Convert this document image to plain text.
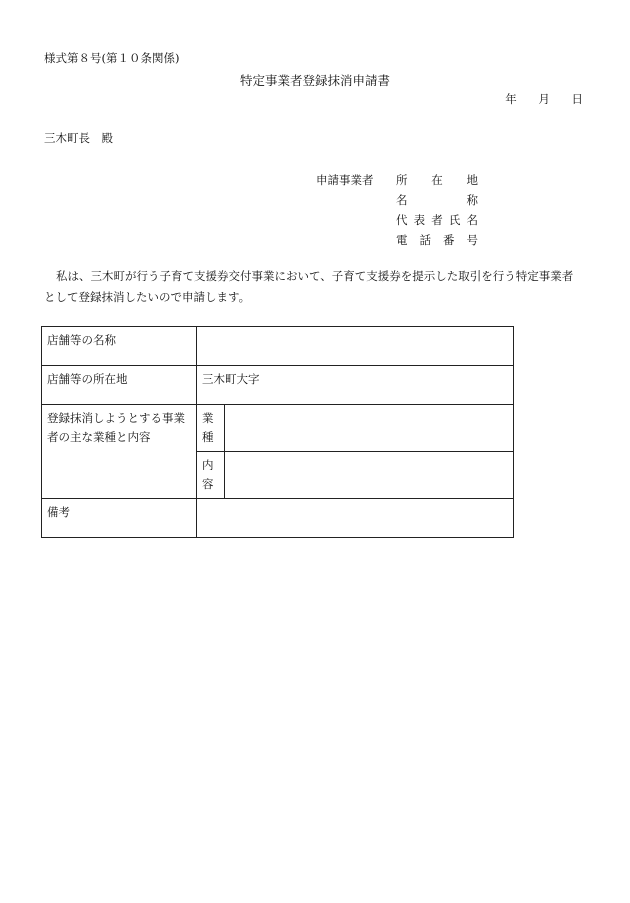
様式第８号(第１０条関係)
特定事業者登録抹消申請書
年 月 日
三木町長　殿
申請事業者 所 在 地
名	称
代 表 者 氏 名
電 話 番 号

私は、三木町が行う子育て支援券交付事業において、子育て支援券を提示した取引を行う特定事業者

として登録抹消したいので申請します。

店舗等の名称		
店舗等の所在地	三木町大字	
登録抹消しようとする事業者の主な業種と内容	業種	
	内容	
備考		
